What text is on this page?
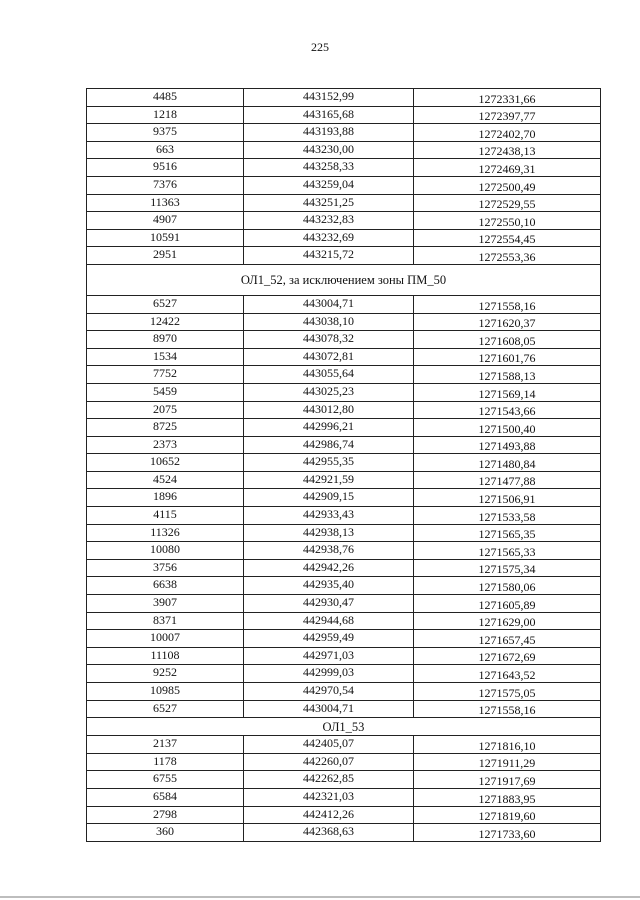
225
4485	443152,99	1272331,66
1218	443165,68	1272397,77
9375	443193,88	1272402,70
663	443230,00	1272438,13
9516	443258,33	1272469,31
7376	443259,04	1272500,49
11363	443251,25	1272529,55
4907	443232,83	1272550,10
10591	443232,69	1272554,45
2951	443215,72	1272553,36
ОЛ1_52, за исключением зоны ПМ_50		
6527	443004,71	1271558,16
12422	443038,10	1271620,37
8970	443078,32	1271608,05
1534	443072,81	1271601,76
7752	443055,64	1271588,13
5459	443025,23	1271569,14
2075	443012,80	1271543,66
8725	442996,21	1271500,40
2373	442986,74	1271493,88
10652	442955,35	1271480,84
4524	442921,59	1271477,88
1896	442909,15	1271506,91
4115	442933,43	1271533,58
11326	442938,13	1271565,35
10080	442938,76	1271565,33
3756	442942,26	1271575,34
6638	442935,40	1271580,06
3907	442930,47	1271605,89
8371	442944,68	1271629,00
10007	442959,49	1271657,45
11108	442971,03	1271672,69
9252	442999,03	1271643,52
10985	442970,54	1271575,05
6527	443004,71	1271558,16
ОЛ1_53		
2137	442405,07	1271816,10
1178	442260,07	1271911,29
6755	442262,85	1271917,69
6584	442321,03	1271883,95
2798	442412,26	1271819,60
360	442368,63	1271733,60
